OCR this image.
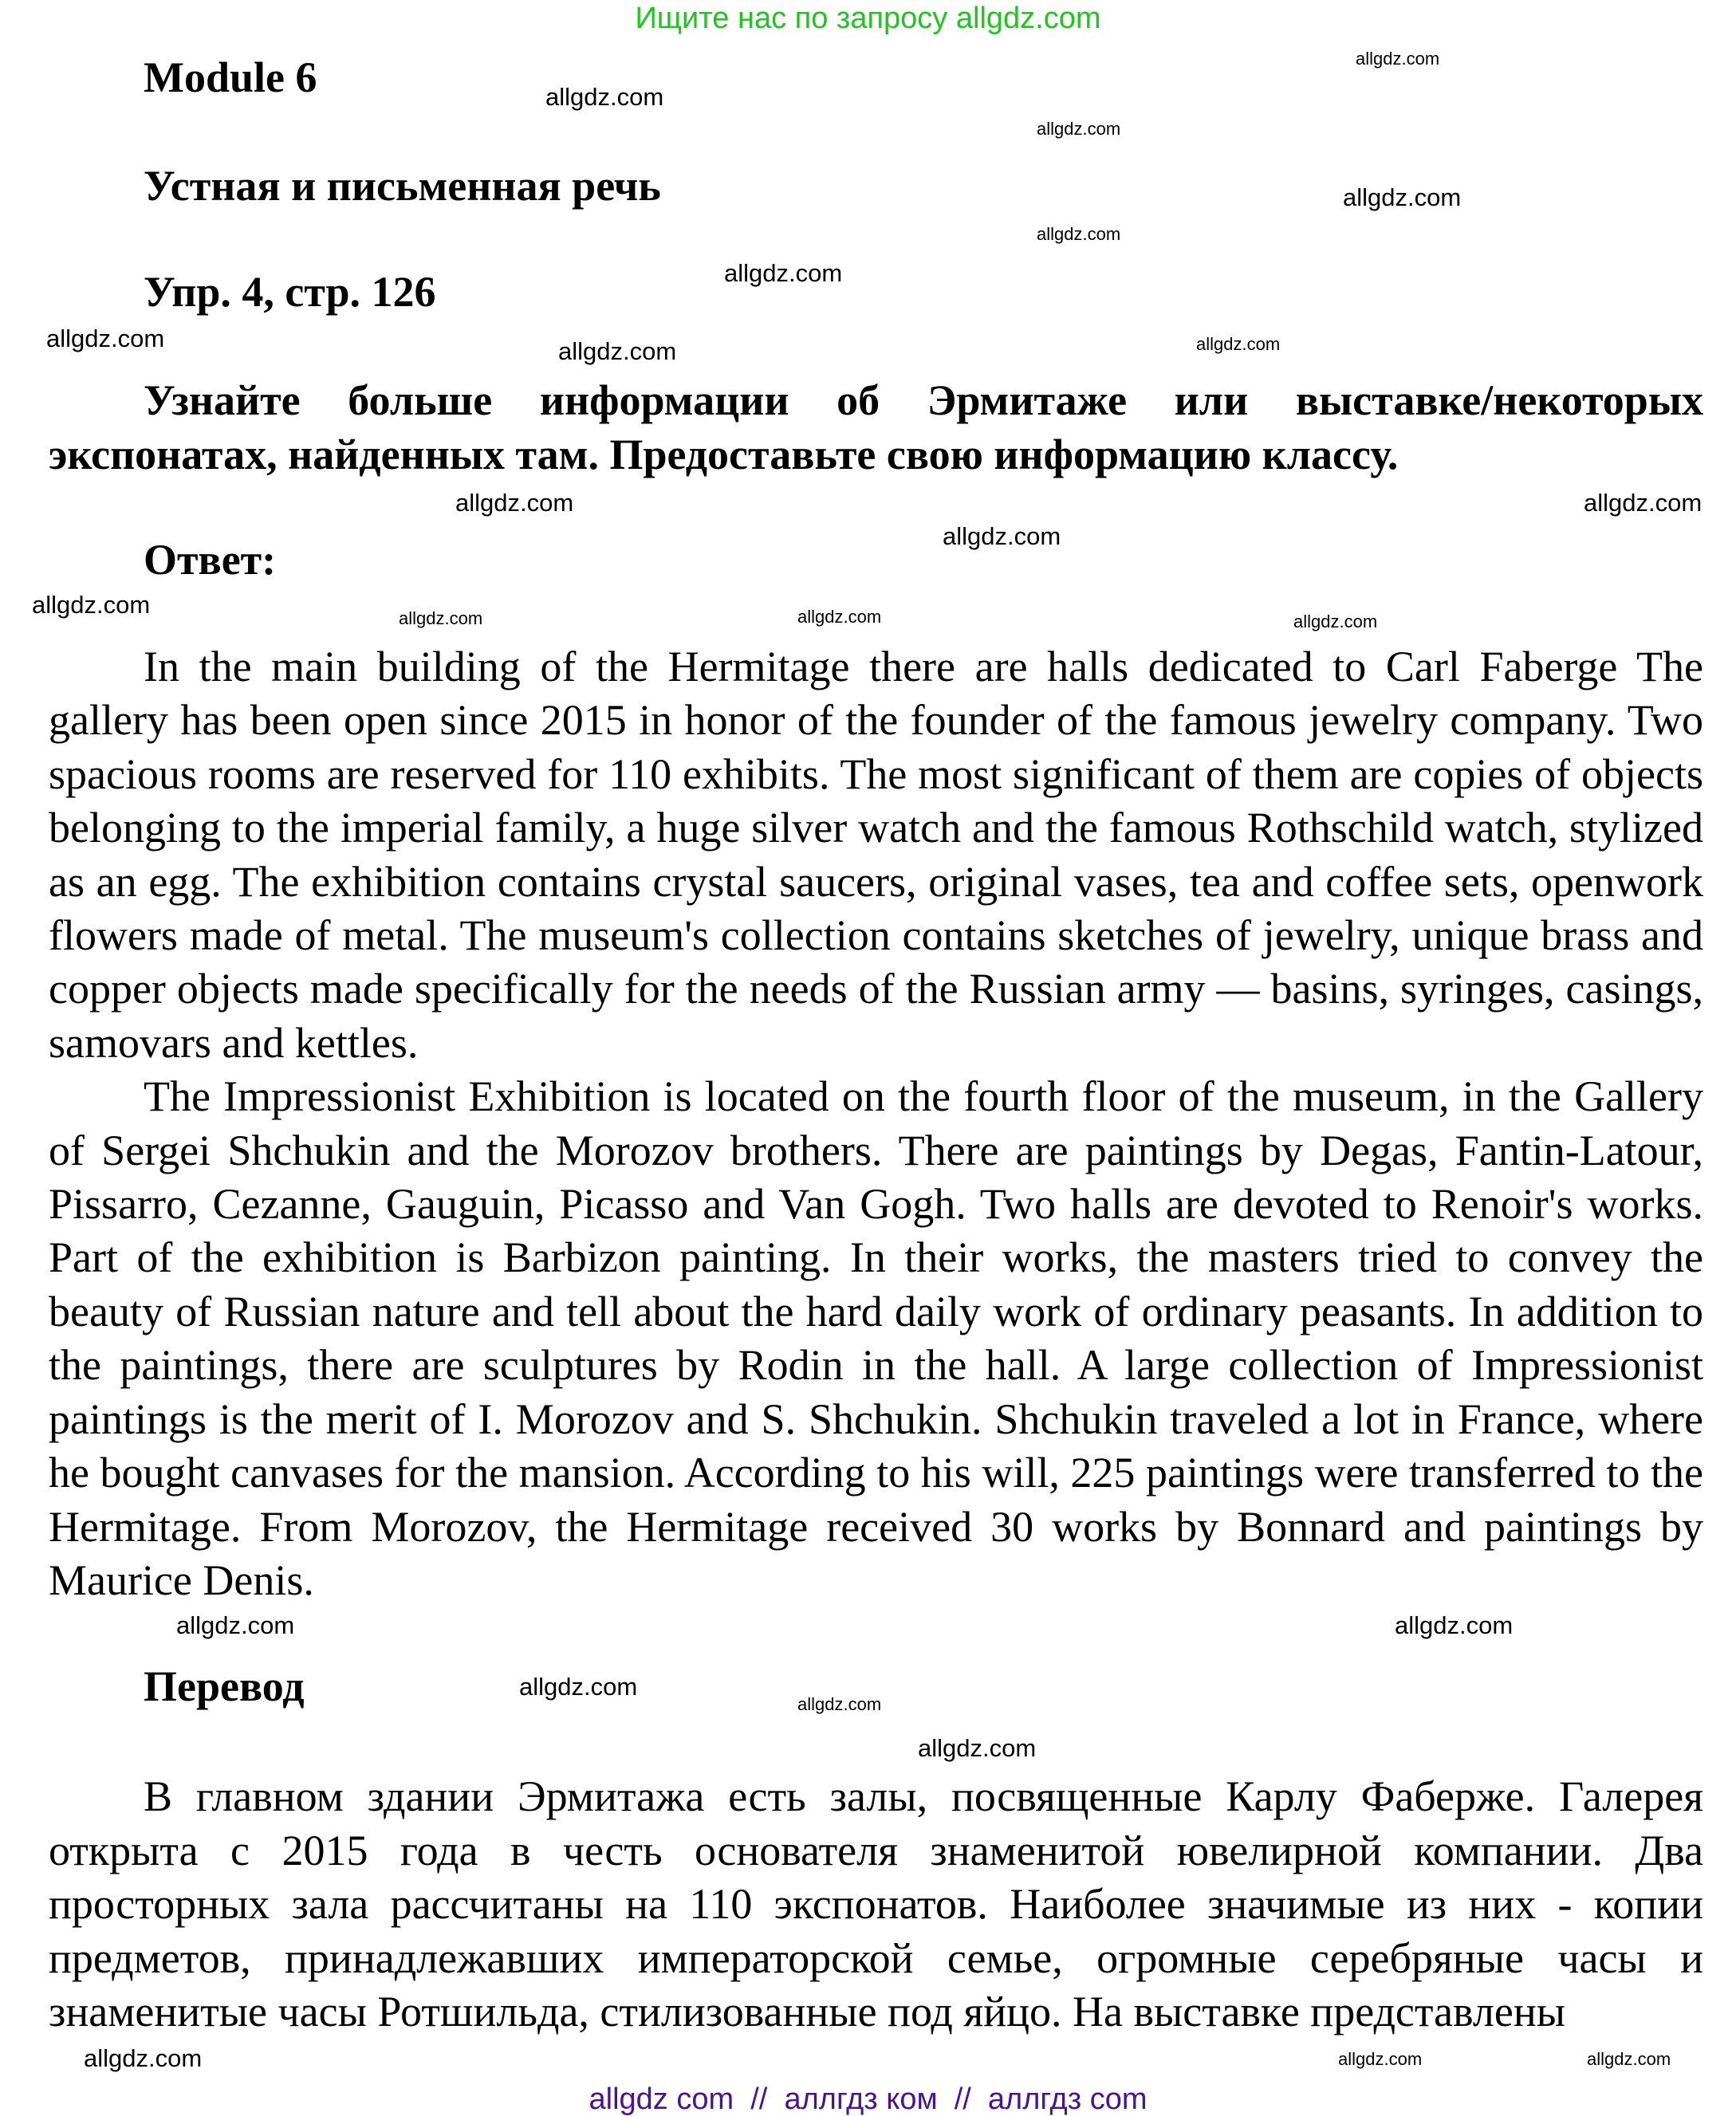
Ищите нас по запросу allgdz.com
Module 6
Устная и письменная речь
Упр. 4, стр. 126
Узнайте больше информации об Эрмитаже или выставке/некоторых экспонатах, найденных там. Предоставьте свою информацию классу.
Ответ:
allgdz.com
allgdz.com
allgdz.com
allgdz.com
allgdz.com
allgdz.com
allgdz.com
allgdz.com
allgdz.com
allgdz.com
allgdz.com
allgdz.com
allgdz.com
allgdz.com
allgdz.com
allgdz.com

In the main building of the Hermitage there are halls dedicated to Carl Faberge The gallery has been open since 2015 in honor of the founder of the famous jewelry company. Two spacious rooms are reserved for 110 exhibits. The most significant of them are copies of objects belonging to the imperial family, a huge silver watch and the famous Rothschild watch, stylized as an egg. The exhibition contains crystal saucers, original vases, tea and coffee sets, openwork flowers made of metal. The museum's collection contains sketches of jewelry, unique brass and copper objects made specifically for the needs of the Russian army — basins, syringes, casings, samovars and kettles.

The Impressionist Exhibition is located on the fourth floor of the museum, in the Gallery of Sergei Shchukin and the Morozov brothers. There are paintings by Degas, Fantin-Latour, Pissarro, Cezanne, Gauguin, Picasso and Van Gogh. Two halls are devoted to Renoir's works. Part of the exhibition is Barbizon painting. In their works, the masters tried to convey the beauty of Russian nature and tell about the hard daily work of ordinary peasants. In addition to the paintings, there are sculptures by Rodin in the hall. A large collection of Impressionist paintings is the merit of I. Morozov and S. Shchukin. Shchukin traveled a lot in France, where he bought canvases for the mansion. According to his will, 225 paintings were transferred to the Hermitage. From Morozov, the Hermitage received 30 works by Bonnard and paintings by Maurice Denis.

allgdz.com
allgdz.com
Перевод	allgdz.com
allgdz.com
allgdz.com

В главном здании Эрмитажа есть залы, посвященные Карлу Фаберже. Галерея открыта с 2015 года в честь основателя знаменитой ювелирной компании. Два просторных зала рассчитаны на 110 экспонатов. Наиболее значимые из них - копии предметов, принадлежавших императорской семье, огромные серебряные часы и знаменитые часы Ротшильда, стилизованные под яйцо. На выставке представлены

allgdz.com	allgdz.com	allgdz.com
allgdz com  //  аллгдз ком  //  аллгдз com
